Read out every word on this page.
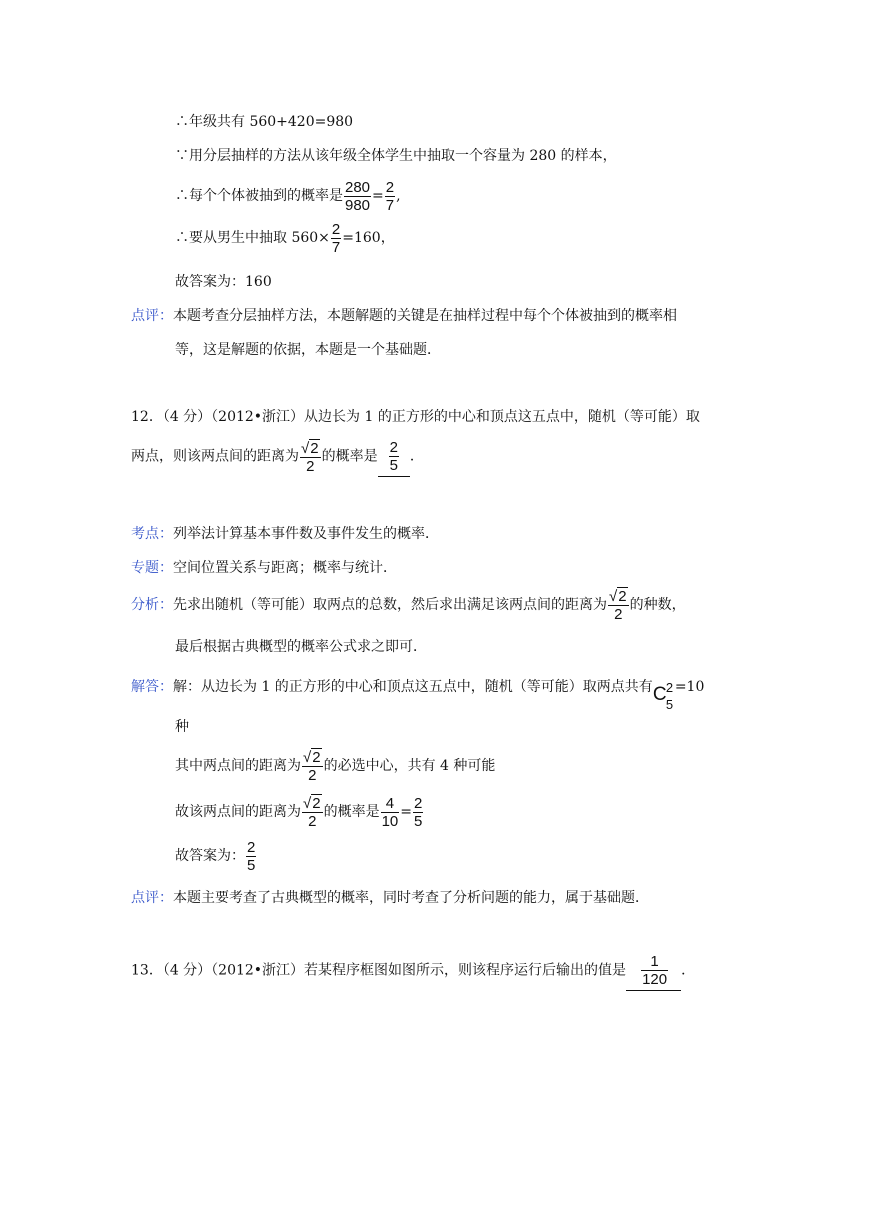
∴年级共有 560+420=980
∵用分层抽样的方法从该年级全体学生中抽取一个容量为 280 的样本，
∴每个个体被抽到的概率是 $\frac{280}{980} = \frac{2}{7}$ ,
∴要从男生中抽取 $560\times \frac{2}{7} =160$，
故答案为：160
点评：本题考查分层抽样方法，本题解题的关键是在抽样过程中每个个体被抽到的概率相
等，这是解题的依据，本题是一个基础题．
12．（4 分）（2012•浙江）从边长为 1 的正方形的中心和顶点这五点中，随机（等可能）取
两点，则该两点间的距离为 $\frac{√2}{2}$ 的概率是 $\frac{2}{5}$ ．
考点：列举法计算基本事件数及事件发生的概率．
专题：空间位置关系与距离；概率与统计．
分析：先求出随机（等可能）取两点的总数，然后求出满足该两点间的距离为 $\frac{√2}{2}$ 的种数，
最后根据古典概型的概率公式求之即可．
解答：解：从边长为 1 的正方形的中心和顶点这五点中，随机（等可能）取两点共有 C 2
5
=10
种
其中两点间的距离为 $\frac{√2}{2}$ 的必选中心，共有 4 种可能
故该两点间的距离为 $\frac{√2}{2}$ 的概率是 $\frac{4}{10} = \frac{2}{5}$
故答案为： $\frac{2}{5}$
点评：本题主要考查了古典概型的概率，同时考查了分析问题的能力，属于基础题．
13．（4 分）（2012•浙江）若某程序框图如图所示，则该程序运行后输出的值是 $\frac{1}{120}$ ．
